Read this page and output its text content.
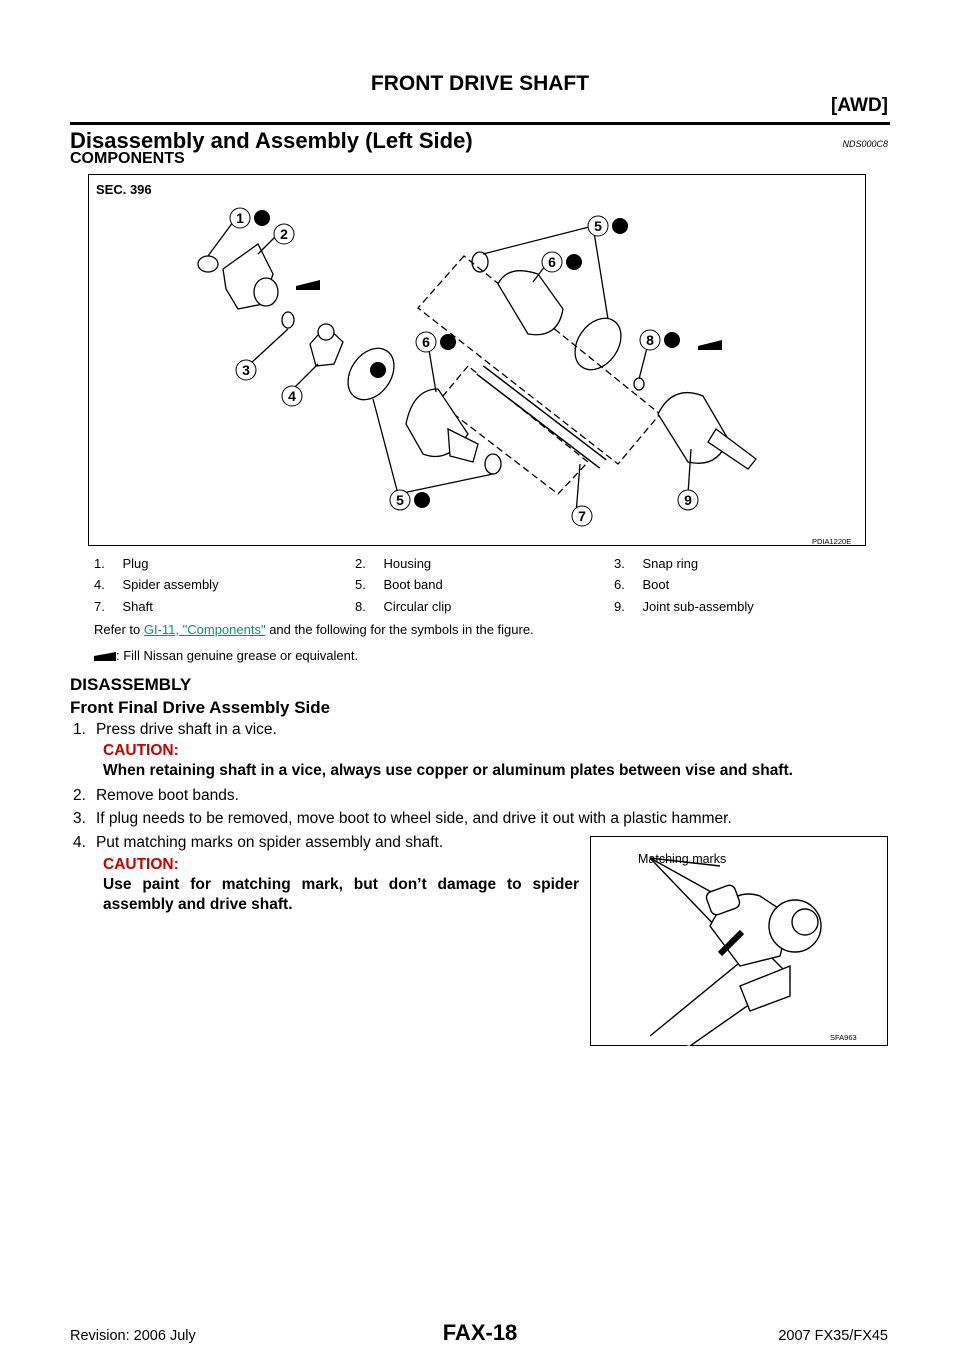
FRONT DRIVE SHAFT
[AWD]
Disassembly and Assembly (Left Side)	NDS000C8
COMPONENTS
SEC. 396
PDIA1220E
1
2
3
4
5
6
5
6
7
8
9
1. Plug	2. Housing	3. Snap ring
4. Spider assembly	5. Boot band	6. Boot
7. Shaft	8. Circular clip	9. Joint sub-assembly
Refer to GI-11, "Components" and the following for the symbols in the figure.
: Fill Nissan genuine grease or equivalent.
DISASSEMBLY
Front Final Drive Assembly Side
1. Press drive shaft in a vice.
CAUTION:
When retaining shaft in a vice, always use copper or aluminum plates between vise and shaft.
2. Remove boot bands.
3. If plug needs to be removed, move boot to wheel side, and drive it out with a plastic hammer.
4. Put matching marks on spider assembly and shaft.
CAUTION:
Use paint for matching mark, but don’t damage to spider
assembly and drive shaft.
Matching marks
SFA963
Revision: 2006 July	FAX-18	2007 FX35/FX45
